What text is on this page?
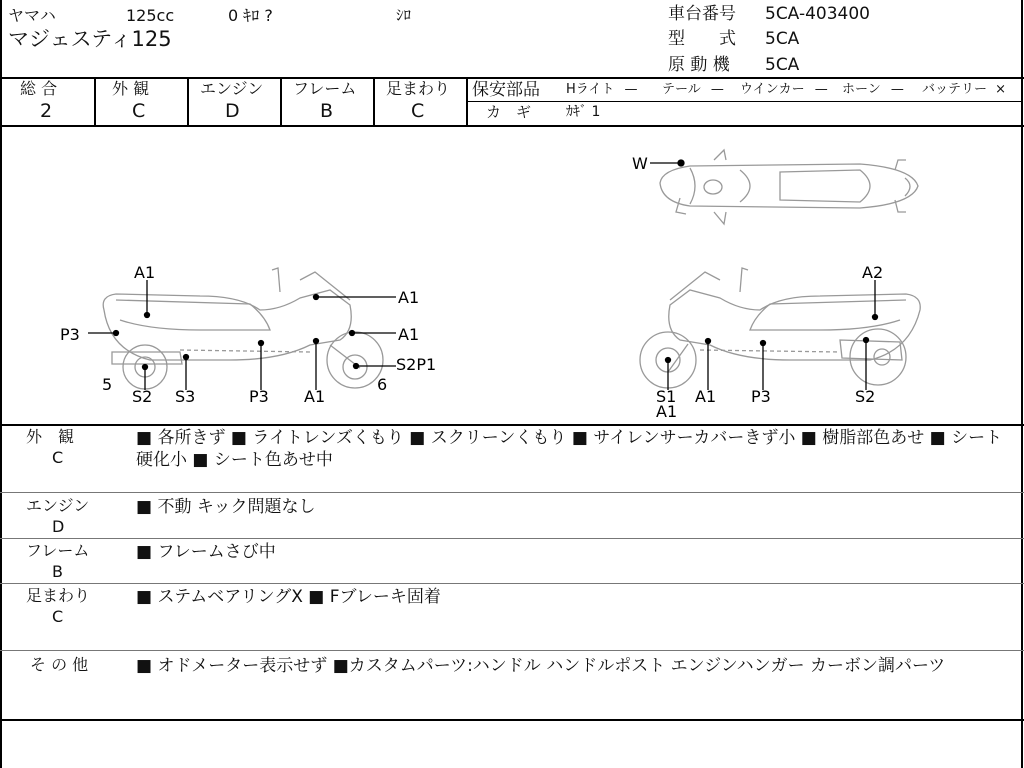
ヤマハ	125cc	0 ｷﾛ ?	ｼﾛ
マジェスティ125
車台番号 5CA-403400
型　　式 5CA
原 動 機 5CA
総 合
2
外 観
C
エンジン
D
フレーム
B
足まわり
C
保安部品 Hライト — テール — ウインカー — ホーン — バッテリー ×
カ　ギ ｶｷﾞ 1
W
A1
A1
A1
P3
S2P1
5	6
S2 S3	P3 A1
A2
S1
A1
A1 P3	S2
外　観
C
■ 各所きず ■ ライトレンズくもり ■ スクリーンくもり ■ サイレンサーカバーきず小 ■ 樹脂部色あせ ■ シート硬化小 ■ シート色あせ中
エンジン
D
■ 不動 キック問題なし
フレーム
B
■ フレームさび中
足まわり
C
■ ステムベアリングX ■ Fブレーキ固着
そ の 他	■ オドメーター表示せず ■カスタムパーツ:ハンドル ハンドルポスト エンジンハンガー カーボン調パーツ
